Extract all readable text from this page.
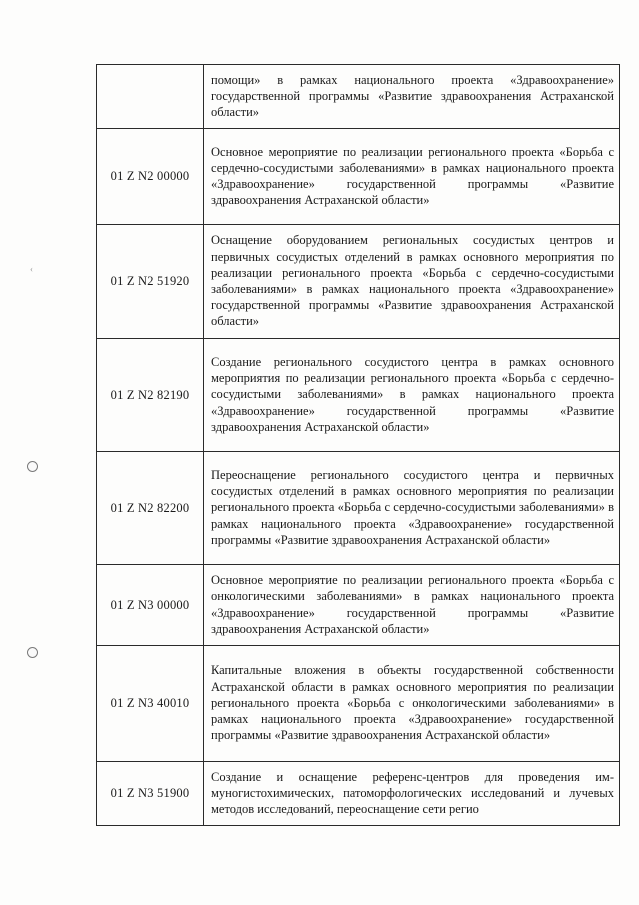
‹
	помощи» в рамках национального проекта «Здравоохранение» государственной программы «Развитие здравоохранения Астраханской области»
01 Z N2 00000	Основное мероприятие по реализации регионального проекта «Борьба с сердечно-сосудистыми заболеваниями» в рамках национального проекта «Здравоохранение» государственной программы «Развитие здравоохранения Астраханской области»
01 Z N2 51920	Оснащение оборудованием региональных сосудистых центров и первичных сосудистых отделений в рамках основного мероприятия по реализации регионального проекта «Борьба с сердечно-сосудистыми заболеваниями» в рамках национального проекта «Здравоохранение» государственной программы «Развитие здравоохранения Астраханской области»
01 Z N2 82190	Создание регионального сосудистого центра в рамках основного мероприятия по реализации регионального проекта «Борьба с сердечно-сосудистыми заболеваниями» в рамках национального проекта «Здравоохранение» государственной программы «Развитие здравоохранения Астраханской области»
01 Z N2 82200	Переоснащение регионального сосудистого центра и первичных сосудистых отделений в рамках основного мероприятия по реализации регионального проекта «Борьба с сердечно-сосудистыми заболеваниями» в рамках национального проекта «Здравоохранение» государственной программы «Развитие здравоохранения Астраханской области»
01 Z N3 00000	Основное мероприятие по реализации регионального проекта «Борьба с онкологическими заболеваниями» в рамках национального проекта «Здравоохранение» государственной программы «Развитие здравоохранения Астраханской области»
01 Z N3 40010	Капитальные вложения в объекты государственной собственности Астраханской области в рамках основного мероприятия по реализации регионального проекта «Борьба с онкологическими заболеваниями» в рамках национального проекта «Здравоохранение» государственной программы «Развитие здравоохранения Астраханской области»
01 Z N3 51900	Создание и оснащение референс-центров для проведения иммуногистохимических, патоморфологических исследований и лучевых методов исследований, переоснащение сети регио
